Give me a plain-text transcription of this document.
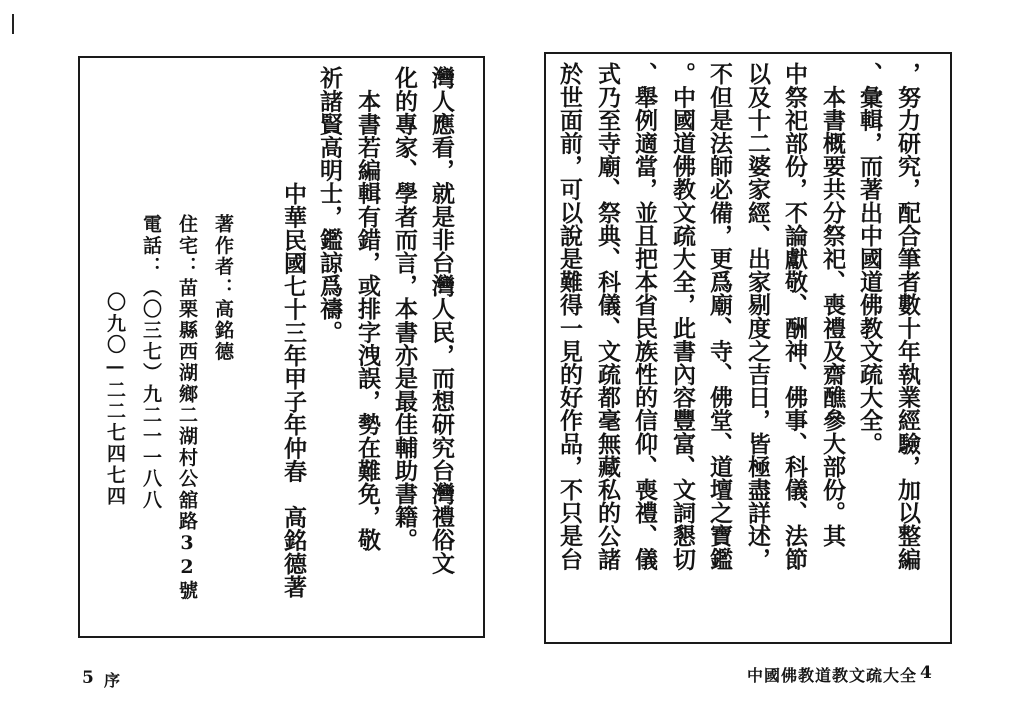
，努力研究，配合筆者數十年執業經驗，加以整編
、彙輯，而著出中國道佛教文疏大全。
　本書概要共分祭祀、喪禮及齋醮參大部份。其
中祭祀部份，不論獻敬、酬神、佛事、科儀、法節
以及十二婆家經、出家剔度之吉日，皆極盡詳述，
不但是法師必備，更爲廟、寺、佛堂、道壇之寶鑑
。中國道佛教文疏大全，此書內容豐富、文詞懇切
、舉例適當，並且把本省民族性的信仰、喪禮、儀
式乃至寺廟、祭典、科儀、文疏都毫無藏私的公諸
於世面前，可以說是難得一見的好作品，不只是台
灣人應看，就是非台灣人民，而想研究台灣禮俗文
化的專家、學者而言，本書亦是最佳輔助書籍。
　本書若編輯有錯，或排字洩誤，勢在難免，敬
祈諸賢高明士，鑑諒爲禱。
中華民國七十三年甲子年仲春　高銘德著
著作者：高銘德
住宅：苗栗縣西湖鄉二湖村公舘路32號
電話：（〇三七）九二一一八八
〇九〇—二二七四七四
5 序	中國佛教道教文疏大全 4
